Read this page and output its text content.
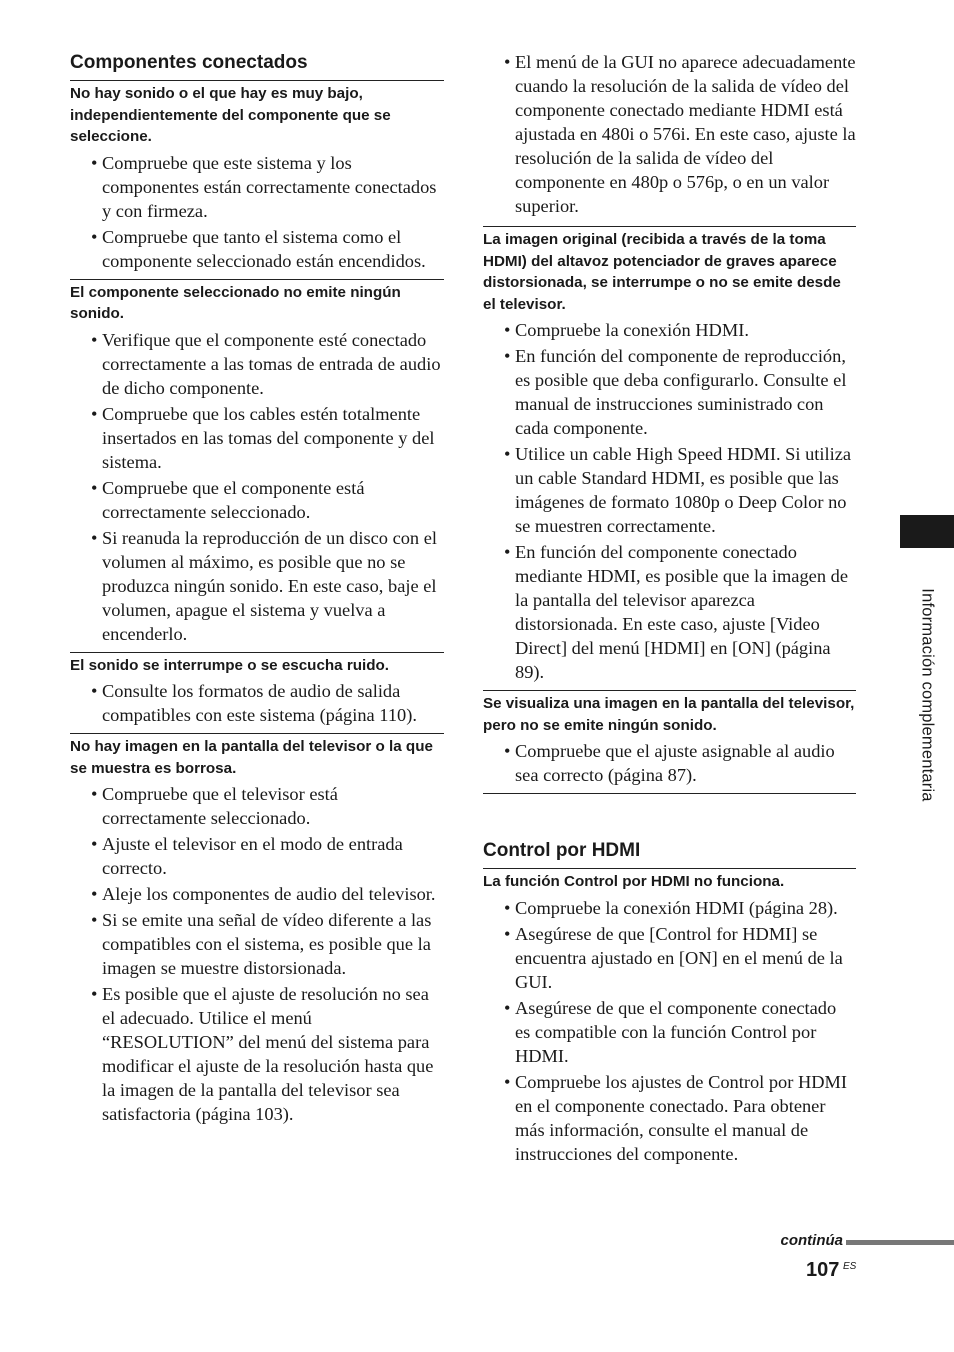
Componentes conectados
No hay sonido o el que hay es muy bajo, independientemente del componente que se seleccione.
• Compruebe que este sistema y los componentes están correctamente conectados y con firmeza.
• Compruebe que tanto el sistema como el componente seleccionado están encendidos.
El componente seleccionado no emite ningún sonido.
• Verifique que el componente esté conectado correctamente a las tomas de entrada de audio de dicho componente.
• Compruebe que los cables estén totalmente insertados en las tomas del componente y del sistema.
• Compruebe que el componente está correctamente seleccionado.
• Si reanuda la reproducción de un disco con el volumen al máximo, es posible que no se produzca ningún sonido. En este caso, baje el volumen, apague el sistema y vuelva a encenderlo.
El sonido se interrumpe o se escucha ruido.
• Consulte los formatos de audio de salida compatibles con este sistema (página 110).
No hay imagen en la pantalla del televisor o la que se muestra es borrosa.
• Compruebe que el televisor está correctamente seleccionado.
• Ajuste el televisor en el modo de entrada correcto.
• Aleje los componentes de audio del televisor.
• Si se emite una señal de vídeo diferente a las compatibles con el sistema, es posible que la imagen se muestre distorsionada.
• Es posible que el ajuste de resolución no sea el adecuado. Utilice el menú “RESOLUTION” del menú del sistema para modificar el ajuste de la resolución hasta que la imagen de la pantalla del televisor sea satisfactoria (página 103).
• El menú de la GUI no aparece adecuadamente cuando la resolución de la salida de vídeo del componente conectado mediante HDMI está ajustada en 480i o 576i. En este caso, ajuste la resolución de la salida de vídeo del componente en 480p o 576p, o en un valor superior.
La imagen original (recibida a través de la toma HDMI) del altavoz potenciador de graves aparece distorsionada, se interrumpe o no se emite desde el televisor.
• Compruebe la conexión HDMI.
• En función del componente de reproducción, es posible que deba configurarlo. Consulte el manual de instrucciones suministrado con cada componente.
• Utilice un cable High Speed HDMI. Si utiliza un cable Standard HDMI, es posible que las imágenes de formato 1080p o Deep Color no se muestren correctamente.
• En función del componente conectado mediante HDMI, es posible que la imagen de la pantalla del televisor aparezca distorsionada. En este caso, ajuste [Video Direct] del menú [HDMI] en [ON] (página 89).
Se visualiza una imagen en la pantalla del televisor, pero no se emite ningún sonido.
• Compruebe que el ajuste asignable al audio sea correcto (página 87).
Control por HDMI
La función Control por HDMI no funciona.
• Compruebe la conexión HDMI (página 28).
• Asegúrese de que [Control for HDMI] se encuentra ajustado en [ON] en el menú de la GUI.
• Asegúrese de que el componente conectado es compatible con la función Control por HDMI.
• Compruebe los ajustes de Control por HDMI en el componente conectado. Para obtener más información, consulte el manual de instrucciones del componente.
Información complementaria
continúa
107 ES
